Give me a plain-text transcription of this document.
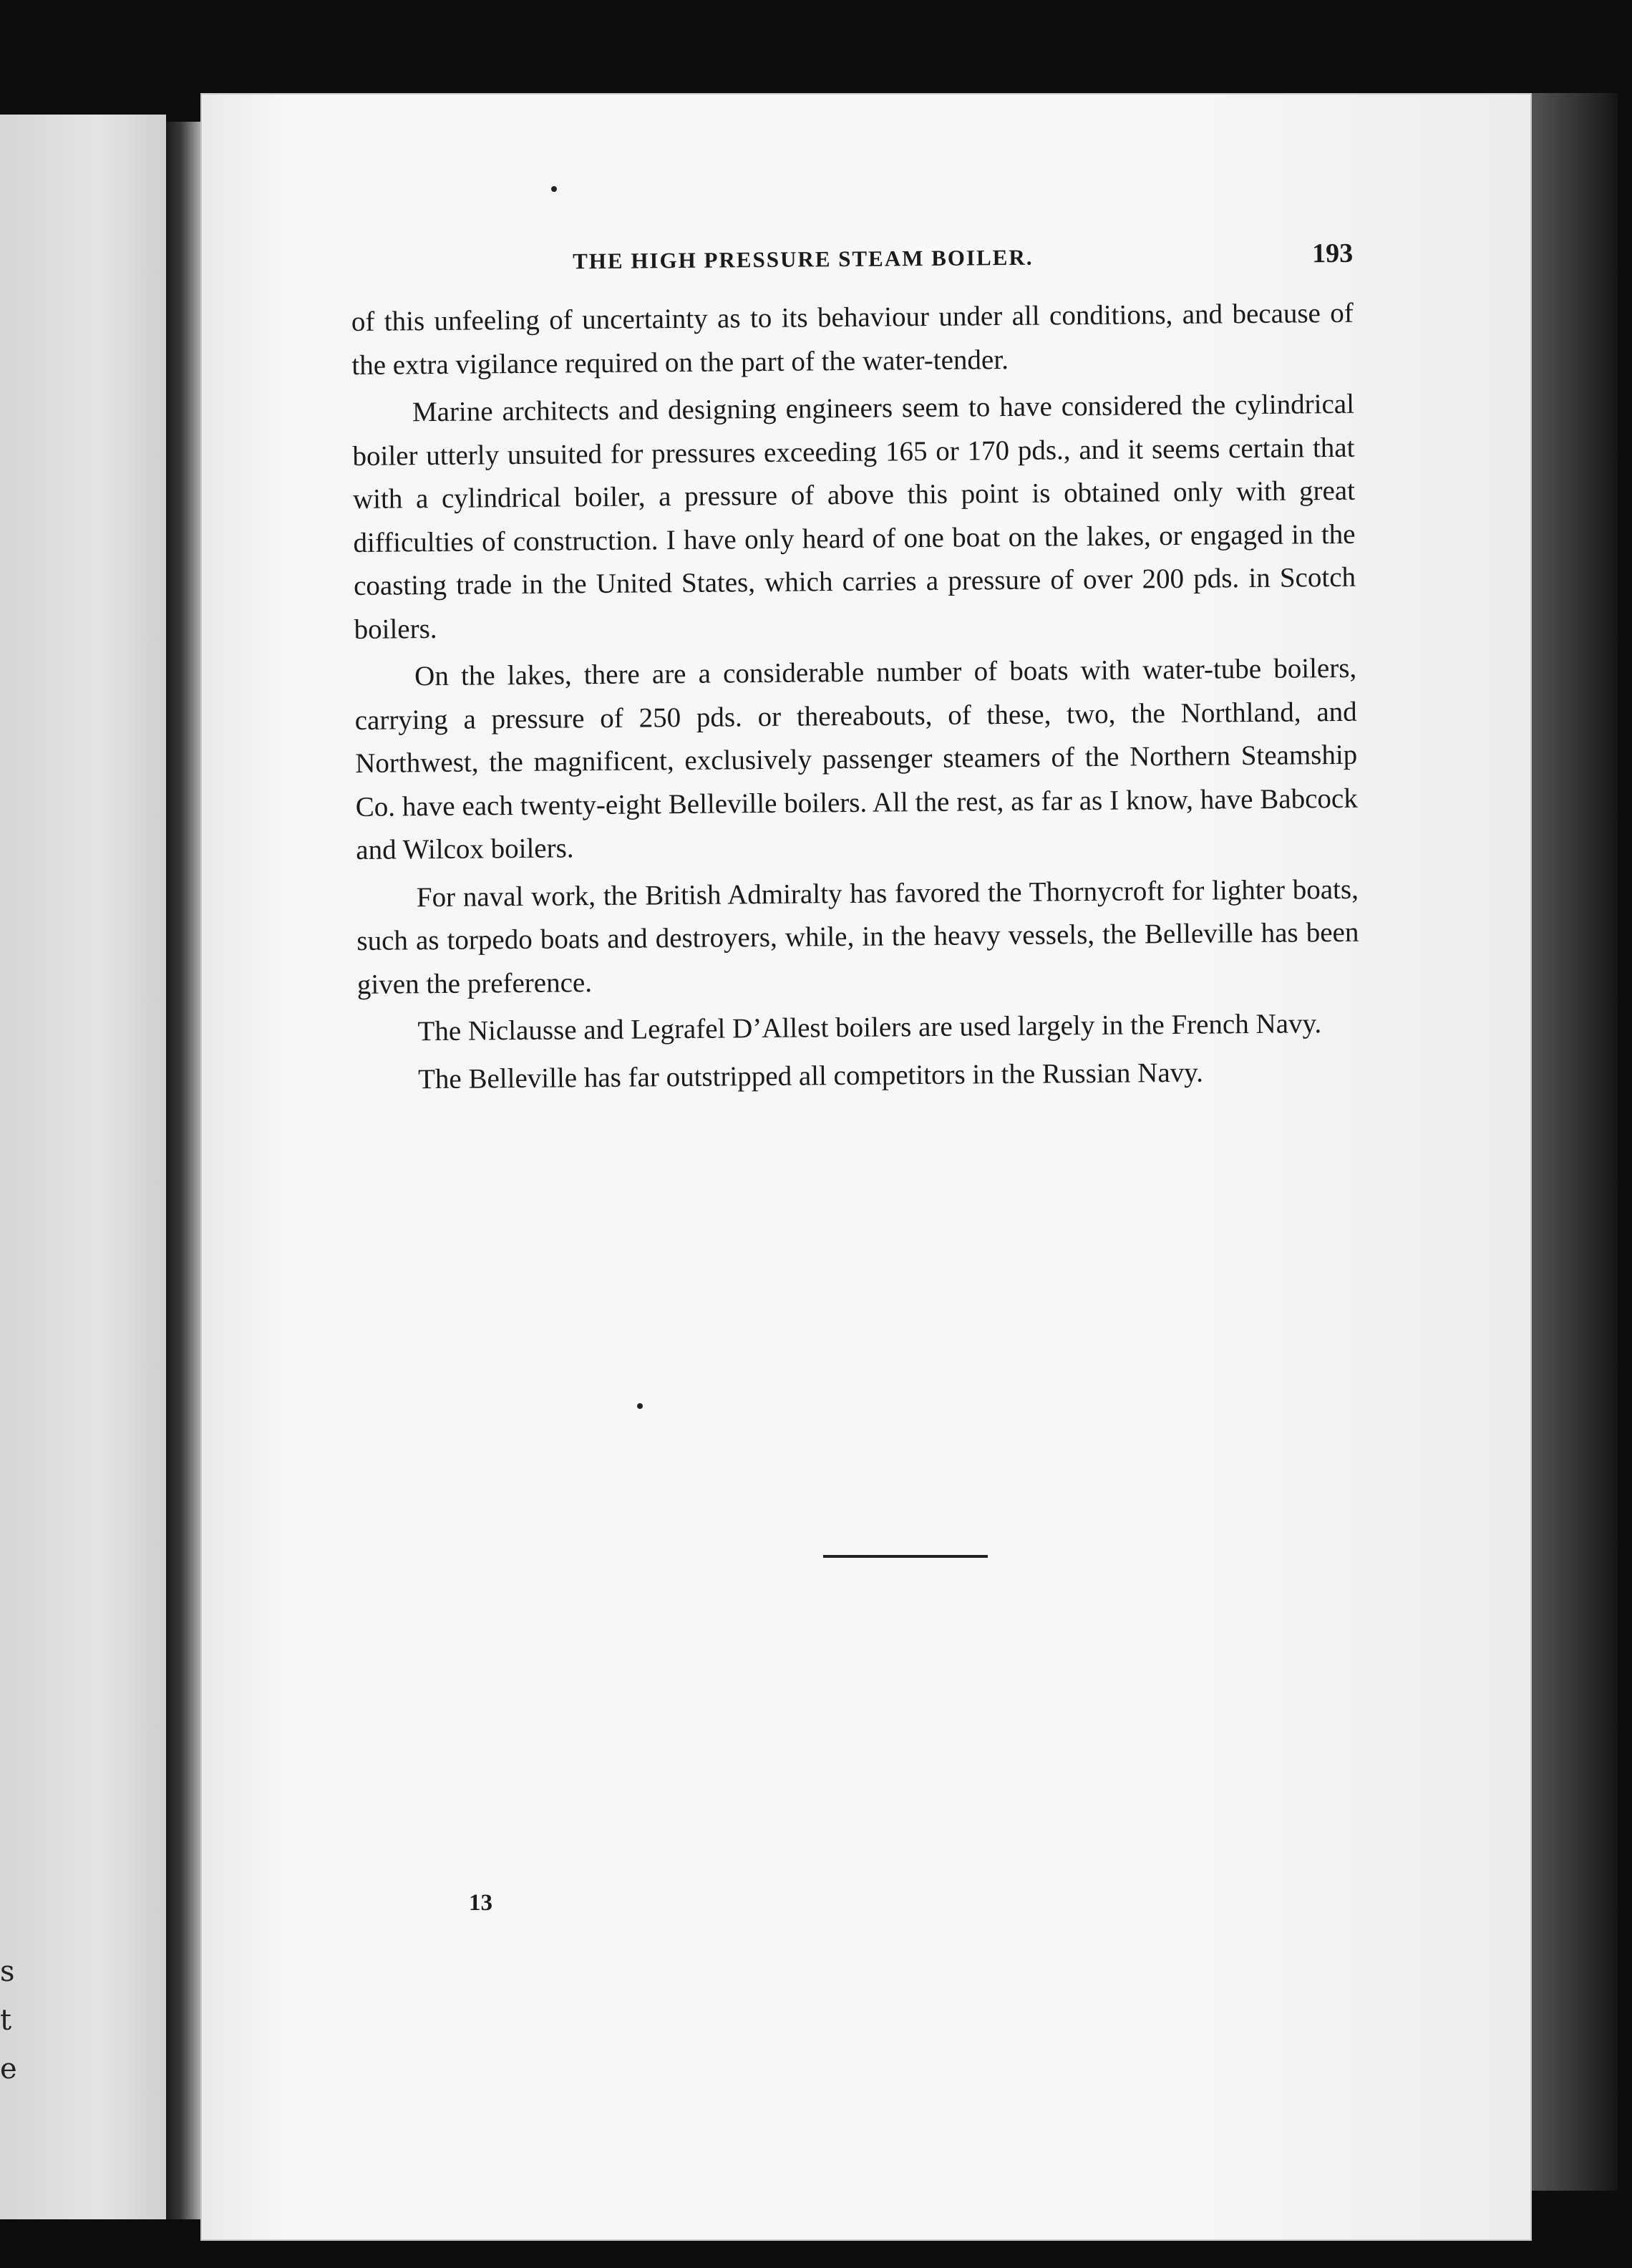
s
t
e
THE HIGH PRESSURE STEAM BOILER.	193

of this unfeeling of uncertainty as to its behaviour under all conditions, and because of the extra vigilance required on the part of the water-tender.

Marine architects and designing engineers seem to have considered the cylindrical boiler utterly unsuited for pressures exceeding 165 or 170 pds., and it seems certain that with a cylindrical boiler, a pressure of above this point is obtained only with great difficulties of construction. I have only heard of one boat on the lakes, or engaged in the coasting trade in the United States, which carries a pressure of over 200 pds. in Scotch boilers.

On the lakes, there are a considerable number of boats with water-tube boilers, carrying a pressure of 250 pds. or thereabouts, of these, two, the Northland, and Northwest, the magnificent, exclusively passenger steamers of the Northern Steamship Co. have each twenty-eight Belleville boilers. All the rest, as far as I know, have Babcock and Wilcox boilers.

For naval work, the British Admiralty has favored the Thornycroft for lighter boats, such as torpedo boats and destroyers, while, in the heavy vessels, the Belleville has been given the preference.

The Niclausse and Legrafel D’Allest boilers are used largely in the French Navy.

The Belleville has far outstripped all competitors in the Russian Navy.

13
